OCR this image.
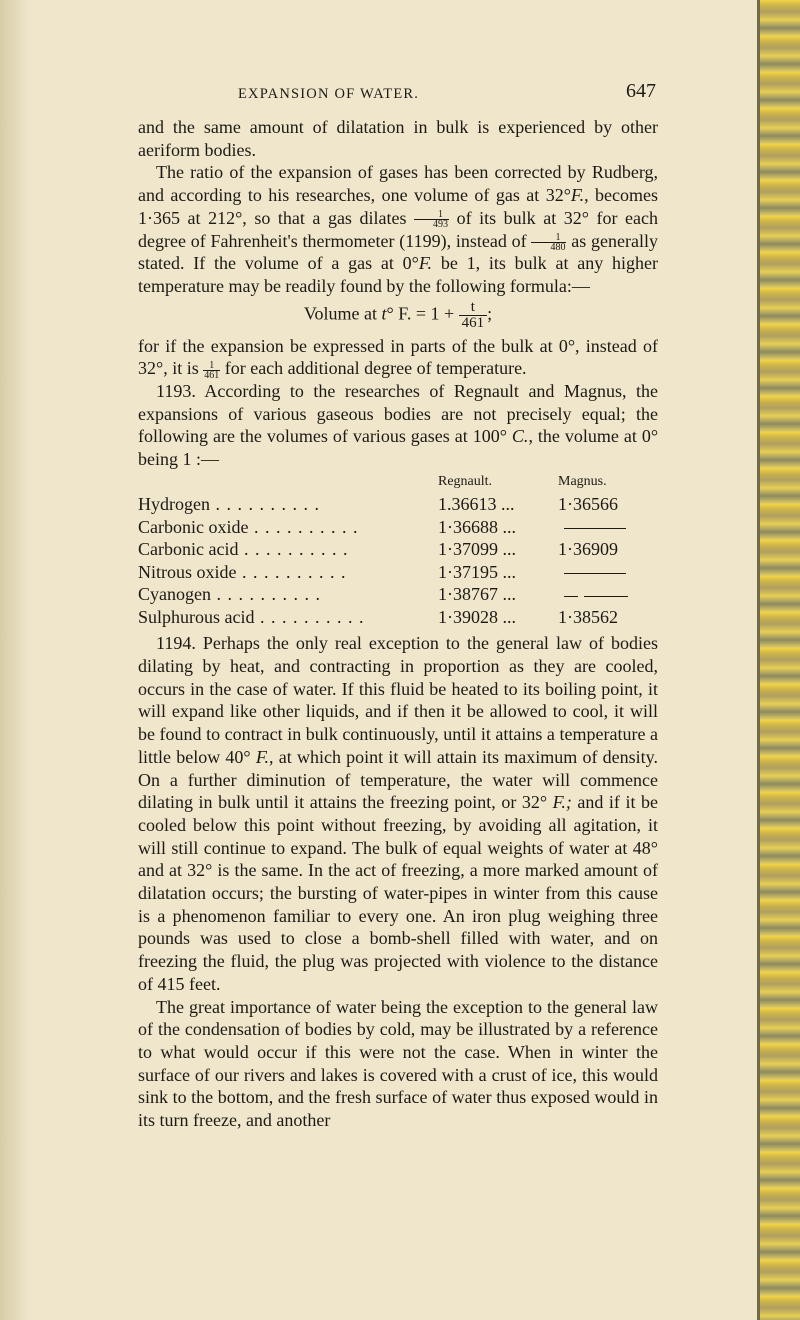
EXPANSION OF WATER.	647

and the same amount of dilatation in bulk is experienced by other aeriform bodies.

The ratio of the expansion of gases has been corrected by Rudberg, and according to his researches, one volume of gas at 32°F., becomes 1·365 at 212°, so that a gas dilates $\frac{1}{493}$ of its bulk at 32° for each degree of Fahrenheit's thermometer (1199), instead of $\frac{1}{480}$ as generally stated. If the volume of a gas at 0°F. be 1, its bulk at any higher temperature may be readily found by the following formula:—

Volume at t° F. = $1 + \frac{t}{461}$ ;

for if the expansion be expressed in parts of the bulk at 0°, instead of 32°, it is $\frac{1}{461}$ for each additional degree of temperature.

1193. According to the researches of Regnault and Magnus, the expansions of various gaseous bodies are not precisely equal; the following are the volumes of various gases at 100° C., the volume at 0° being 1 :—

	Regnault.	Magnus.
Hydrogen . . .	1.36613 ...	1·36566
Carbonic oxide . . .	1·36688 ...	
Carbonic acid . . .	1·37099 ...	1·36909
Nitrous oxide . . .	1·37195 ...	
Cyanogen . . .	1·38767 ...	
Sulphurous acid . . .	1·39028 ...	1·38562

1194. Perhaps the only real exception to the general law of bodies dilating by heat, and contracting in proportion as they are cooled, occurs in the case of water. If this fluid be heated to its boiling point, it will expand like other liquids, and if then it be allowed to cool, it will be found to contract in bulk continuously, until it attains a temperature a little below 40° F., at which point it will attain its maximum of density. On a further diminution of temperature, the water will commence dilating in bulk until it attains the freezing point, or 32° F.; and if it be cooled below this point without freezing, by avoiding all agitation, it will still continue to expand. The bulk of equal weights of water at 48° and at 32° is the same. In the act of freezing, a more marked amount of dilatation occurs; the bursting of water-pipes in winter from this cause is a phenomenon familiar to every one. An iron plug weighing three pounds was used to close a bomb-shell filled with water, and on freezing the fluid, the plug was projected with violence to the distance of 415 feet.

The great importance of water being the exception to the general law of the condensation of bodies by cold, may be illustrated by a reference to what would occur if this were not the case. When in winter the surface of our rivers and lakes is covered with a crust of ice, this would sink to the bottom, and the fresh surface of water thus exposed would in its turn freeze, and another
